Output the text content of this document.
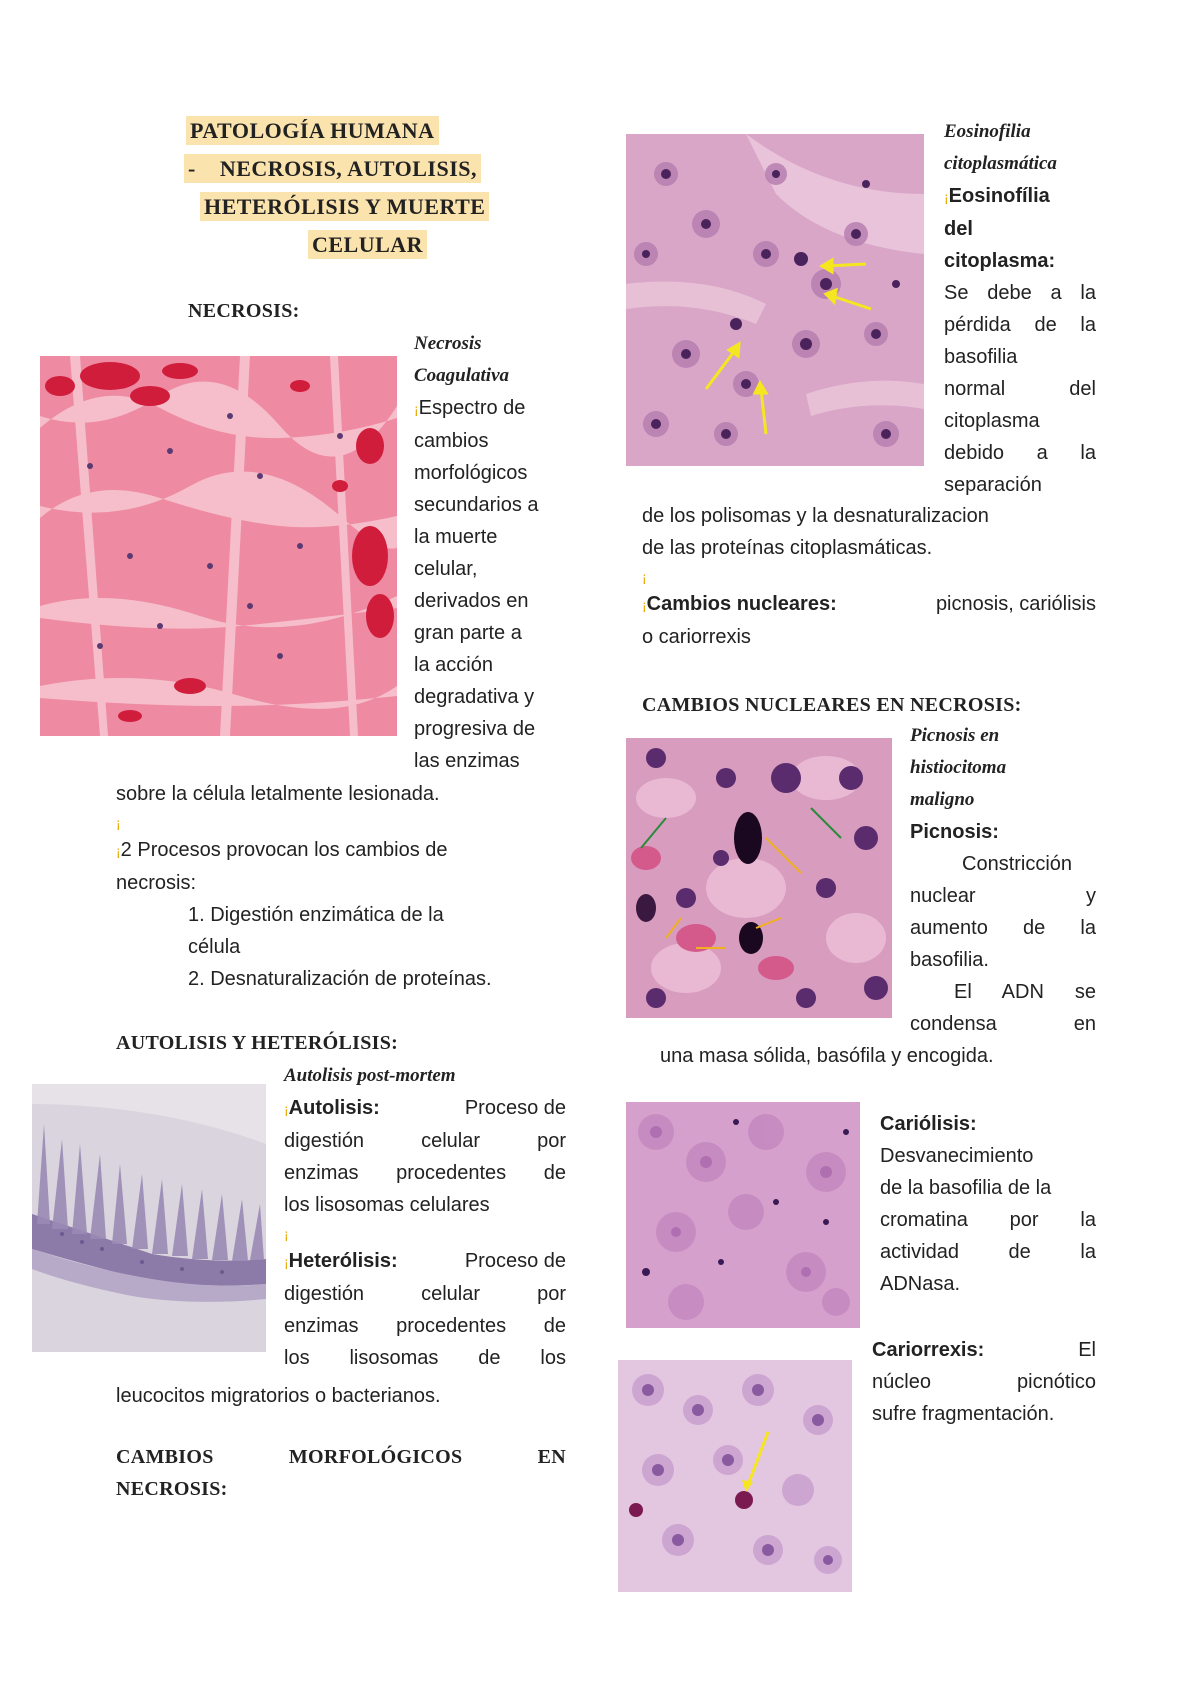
PATOLOGÍA HUMANA
- NECROSIS, AUTOLISIS,
HETERÓLISIS Y MUERTE
CELULAR
NECROSIS:
Necrosis
Coagulativa
¡Espectro de
cambios
morfológicos
secundarios a
la muerte
celular,
derivados en
gran parte a
la acción
degradativa y
progresiva de
las enzimas
sobre la célula letalmente lesionada.
¡
¡2 Procesos provocan los cambios de
necrosis:
1. Digestión enzimática de la
célula
2. Desnaturalización de proteínas.
AUTOLISIS Y HETERÓLISIS:
Autolisis post-mortem
¡Autolisis:	Proceso de
digestión celular por
enzimas procedentes de
los lisosomas celulares
¡
¡Heterólisis:	Proceso de
digestión celular por
enzimas procedentes de
los lisosomas de los
leucocitos migratorios o bacterianos.
CAMBIOS MORFOLÓGICOS EN
NECROSIS:
Eosinofilia
citoplasmática
¡Eosinofília
del
citoplasma:
Se debe a la
pérdida de la
basofilia
normal del
citoplasma
debido a la
separación
de los polisomas y la desnaturalizacion
de las proteínas citoplasmáticas.
¡
¡Cambios nucleares:	picnosis, cariólisis
o cariorrexis
CAMBIOS NUCLEARES EN NECROSIS:
Picnosis en
histiocitoma
maligno
Picnosis:
Constricción
nuclear y
aumento de la
basofilia.
El ADN se
condensa en
una masa sólida, basófila y encogida.
Cariólisis:
Desvanecimiento
de la basofilia de la
cromatina por la
actividad de la
ADNasa.
Cariorrexis:	El
núcleo picnótico
sufre fragmentación.
